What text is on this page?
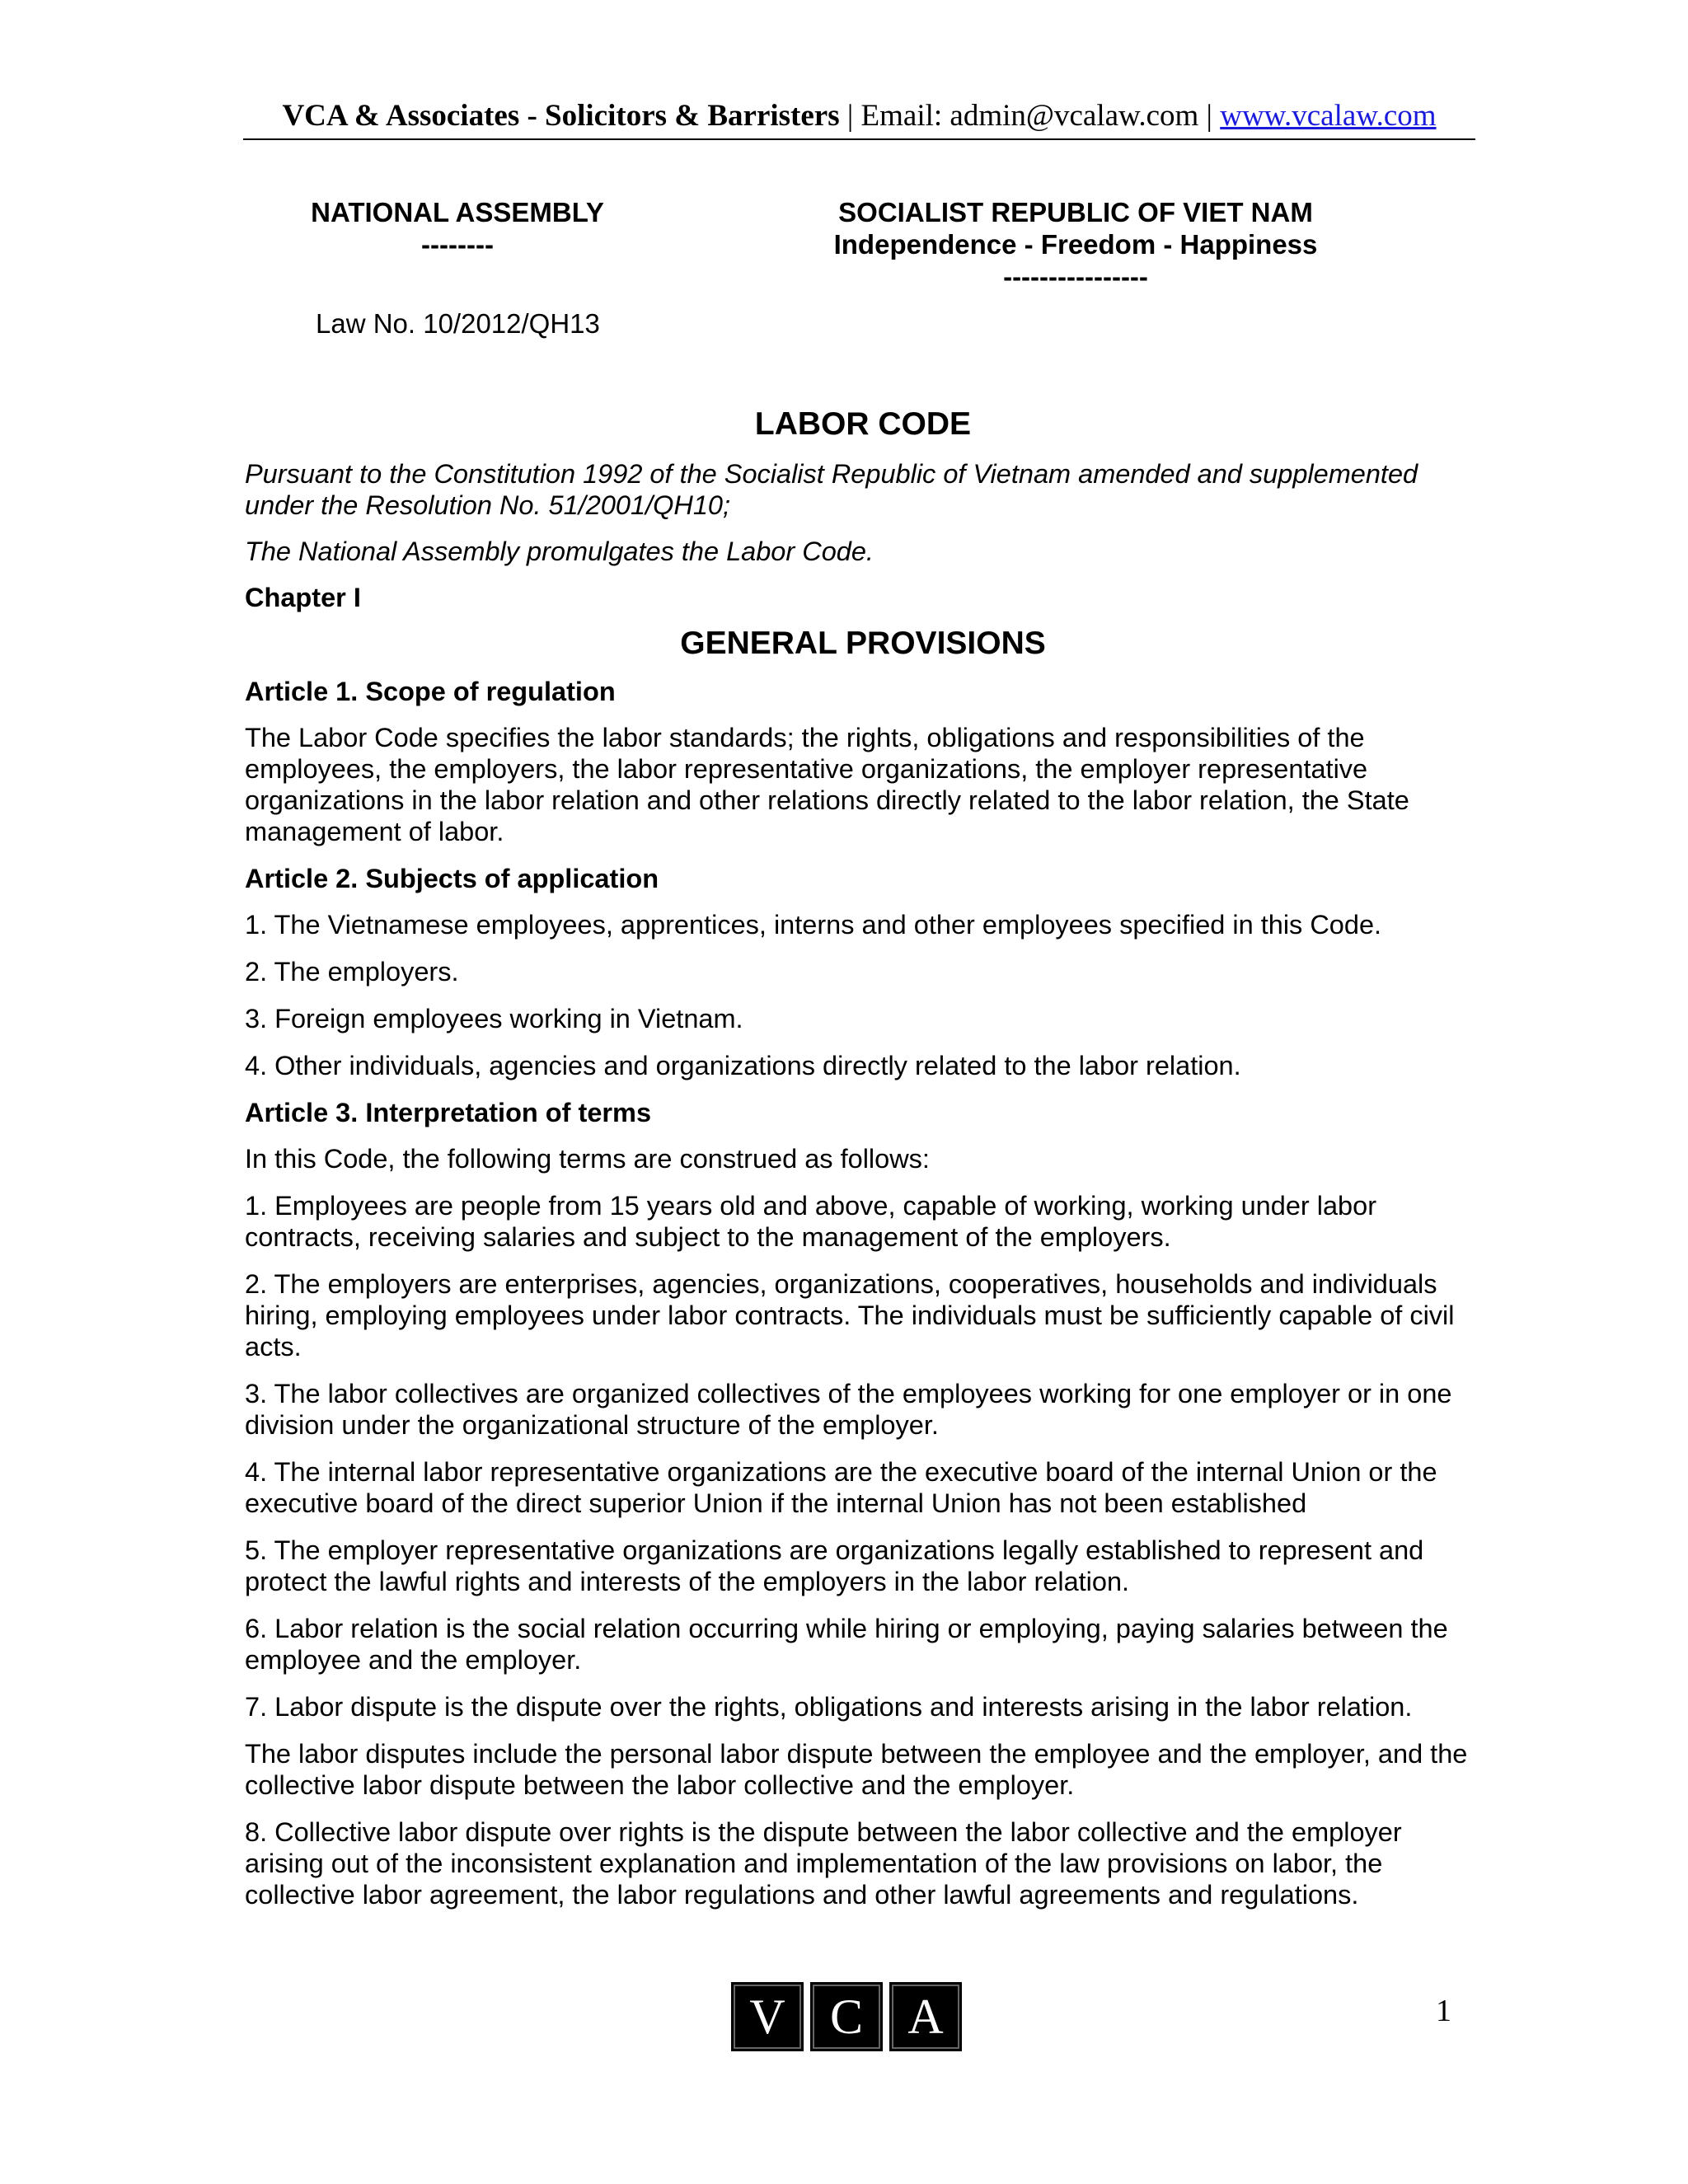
VCA & Associates - Solicitors & Barristers | Email: admin@vcalaw.com | www.vcalaw.com
NATIONAL ASSEMBLY
--------
SOCIALIST REPUBLIC OF VIET NAM
Independence - Freedom - Happiness
----------------
Law No. 10/2012/QH13
LABOR CODE
Pursuant to the Constitution 1992 of the Socialist Republic of Vietnam amended and supplemented under the Resolution No. 51/2001/QH10;
The National Assembly promulgates the Labor Code.
Chapter I
GENERAL PROVISIONS
Article 1. Scope of regulation
The Labor Code specifies the labor standards; the rights, obligations and responsibilities of the employees, the employers, the labor representative organizations, the employer representative organizations in the labor relation and other relations directly related to the labor relation, the State management of labor.
Article 2. Subjects of application
1. The Vietnamese employees, apprentices, interns and other employees specified in this Code.
2. The employers.
3. Foreign employees working in Vietnam.
4. Other individuals, agencies and organizations directly related to the labor relation.
Article 3. Interpretation of terms
In this Code, the following terms are construed as follows:
1. Employees are people from 15 years old and above, capable of working, working under labor contracts, receiving salaries and subject to the management of the employers.
2. The employers are enterprises, agencies, organizations, cooperatives, households and individuals hiring, employing employees under labor contracts. The individuals must be sufficiently capable of civil acts.
3. The labor collectives are organized collectives of the employees working for one employer or in one division under the organizational structure of the employer.
4. The internal labor representative organizations are the executive board of the internal Union or the executive board of the direct superior Union if the internal Union has not been established
5. The employer representative organizations are organizations legally established to represent and protect the lawful rights and interests of the employers in the labor relation.
6. Labor relation is the social relation occurring while hiring or employing, paying salaries between the employee and the employer.
7. Labor dispute is the dispute over the rights, obligations and interests arising in the labor relation.
The labor disputes include the personal labor dispute between the employee and the employer, and the collective labor dispute between the labor collective and the employer.
8. Collective labor dispute over rights is the dispute between the labor collective and the employer arising out of the inconsistent explanation and implementation of the law provisions on labor, the collective labor agreement, the labor regulations and other lawful agreements and regulations.
V C A	1
